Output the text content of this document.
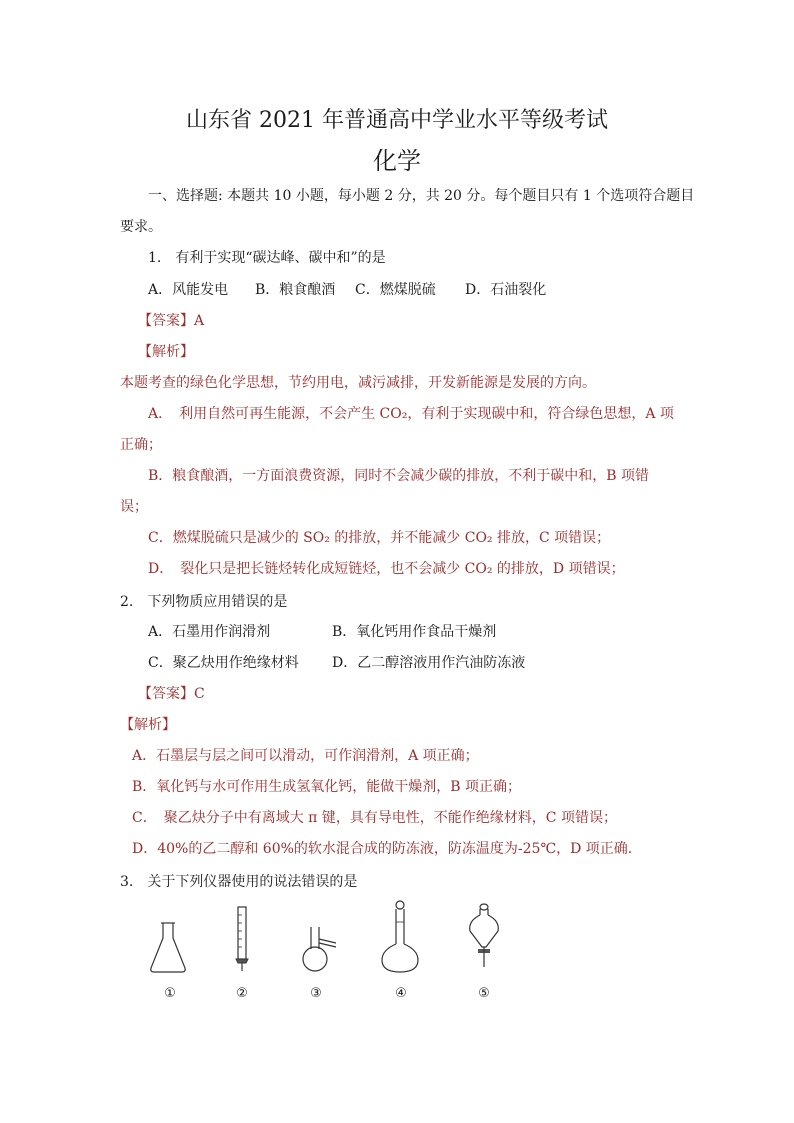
山东省 2021 年普通高中学业水平等级考试
化学
一、选择题: 本题共 10 小题，每小题 2 分，共 20 分。每个题目只有 1 个选项符合题目
要求。
1.　有利于实现“碳达峰、碳中和”的是
A．风能发电 B．粮食酿酒 C．燃煤脱硫 D．石油裂化
【答案】A
【解析】
本题考查的绿色化学思想，节约用电，减污减排，开发新能源是发展的方向。
A．　利用自然可再生能源，不会产生 CO₂，有利于实现碳中和，符合绿色思想，A 项
正确；
B．粮食酿酒，一方面浪费资源，同时不会减少碳的排放，不利于碳中和，B 项错
误；
C．燃煤脱硫只是减少的 SO₂ 的排放，并不能减少 CO₂ 排放，C 项错误；
D．　裂化只是把长链烃转化成短链烃，也不会减少 CO₂ 的排放，D 项错误；
2.　下列物质应用错误的是
A．石墨用作润滑剂	B．氧化钙用作食品干燥剂
C．聚乙炔用作绝缘材料 D．乙二醇溶液用作汽油防冻液
【答案】C
【解析】
A．石墨层与层之间可以滑动，可作润滑剂，A 项正确；
B．氧化钙与水可作用生成氢氧化钙，能做干燥剂，B 项正确；
C．　聚乙炔分子中有离域大 π 键，具有导电性，不能作绝缘材料，C 项错误；
D．40%的乙二醇和 60%的软水混合成的防冻液，防冻温度为-25℃，D 项正确.
3.　关于下列仪器使用的说法错误的是
①	②	③	④	⑤
